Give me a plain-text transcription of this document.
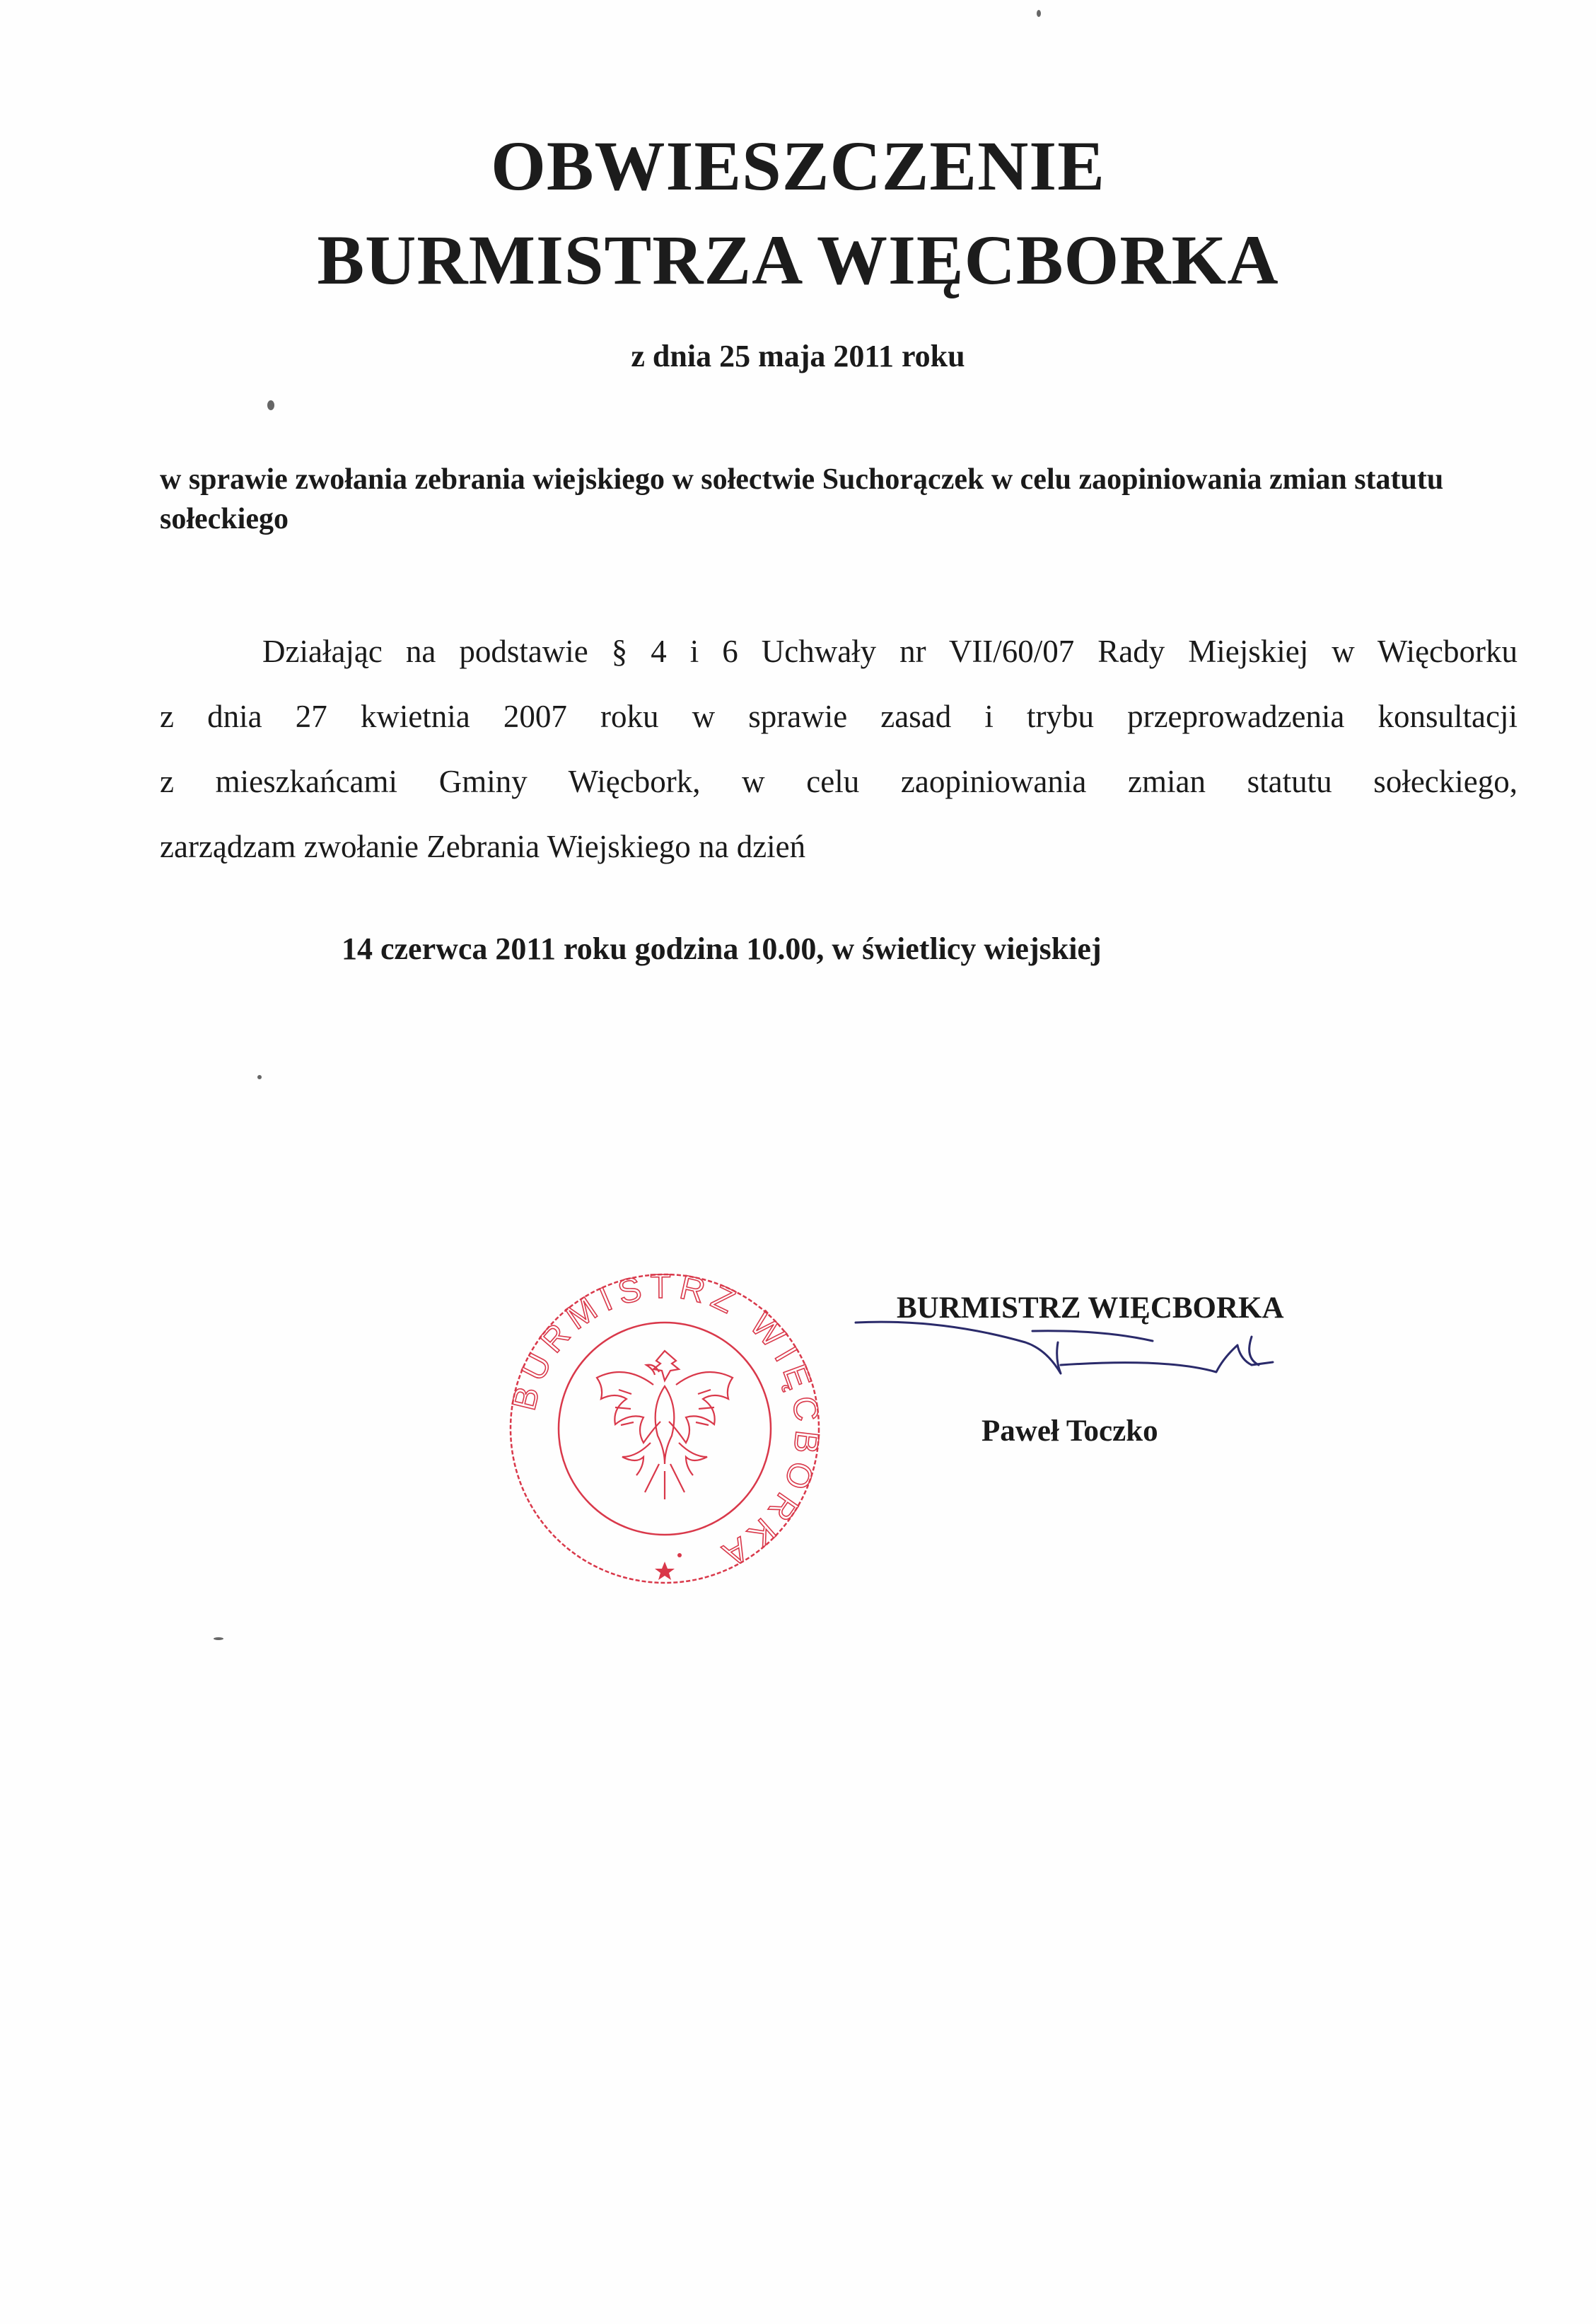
OBWIESZCZENIE
BURMISTRZA WIĘCBORKA
z dnia 25 maja 2011 roku
w sprawie zwołania zebrania wiejskiego w sołectwie Suchorączek w celu zaopiniowania zmian statutu sołeckiego
Działając na podstawie § 4 i 6 Uchwały nr VII/60/07 Rady Miejskiej w Więcborku
z dnia 27 kwietnia 2007 roku w sprawie zasad i trybu przeprowadzenia konsultacji
z mieszkańcami Gminy Więcbork, w celu zaopiniowania zmian statutu sołeckiego,
zarządzam zwołanie Zebrania Wiejskiego na dzień
14 czerwca 2011 roku godzina 10.00, w świetlicy wiejskiej
BURMISTRZ WIĘCBORKA
BURMISTRZ WIĘCBORKA
Paweł Toczko
